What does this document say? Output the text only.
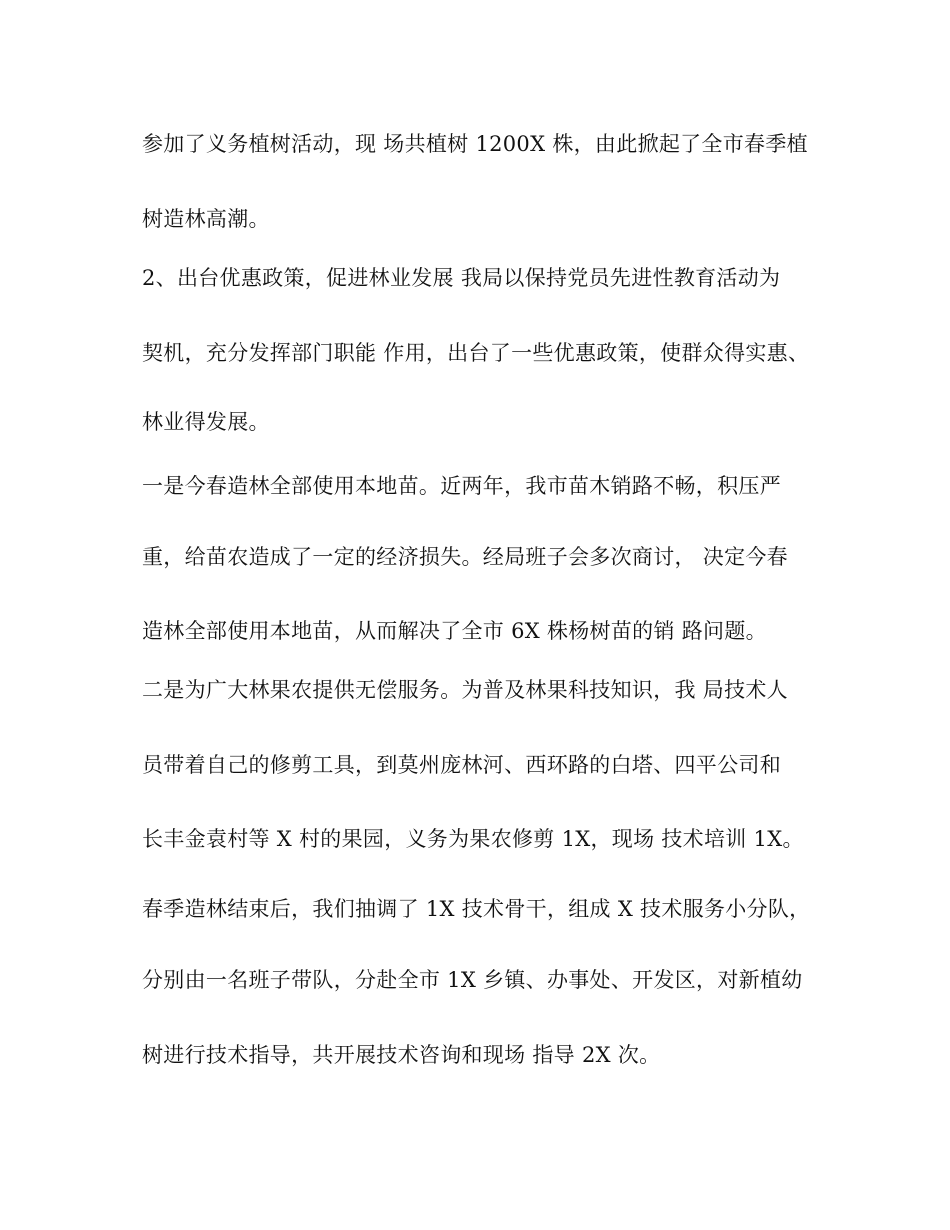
参加了义务植树活动，现 场共植树 1200X 株，由此掀起了全市春季植
树造林高潮。
2、出台优惠政策，促进林业发展 我局以保持党员先进性教育活动为
契机，充分发挥部门职能 作用，出台了一些优惠政策，使群众得实惠、
林业得发展。
一是今春造林全部使用本地苗。近两年，我市苗木销路不畅，积压严
重，给苗农造成了一定的经济损失。经局班子会多次商讨， 决定今春
造林全部使用本地苗，从而解决了全市 6X 株杨树苗的销 路问题。
二是为广大林果农提供无偿服务。为普及林果科技知识，我 局技术人
员带着自己的修剪工具，到莫州庞林河、西环路的白塔、四平公司和
长丰金袁村等 X 村的果园，义务为果农修剪 1X，现场 技术培训 1X。
春季造林结束后，我们抽调了 1X 技术骨干，组成 X 技术服务小分队，
分别由一名班子带队，分赴全市 1X 乡镇、办事处、开发区，对新植幼
树进行技术指导，共开展技术咨询和现场 指导 2X 次。
